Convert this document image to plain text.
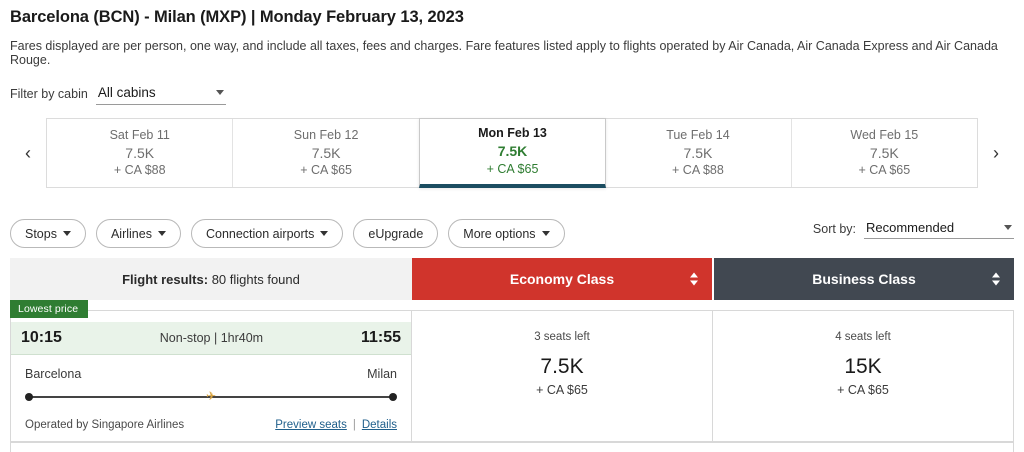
Barcelona (BCN) - Milan (MXP) | Monday February 13, 2023
Fares displayed are per person, one way, and include all taxes, fees and charges. Fare features listed apply to flights operated by Air Canada, Air Canada Express and Air Canada Rouge.
Filter by cabin All cabins
‹
Sat Feb 11
7.5K
+ CA $88
Sun Feb 12
7.5K
+ CA $65
Mon Feb 13
7.5K
+ CA $65
Tue Feb 14
7.5K
+ CA $88
Wed Feb 15
7.5K
+ CA $65
›
Stops	Airlines	Connection airports	eUpgrade	More options	Sort by: Recommended
Flight results:
80 flights found	Economy Class	Business Class
Lowest price
10:15	Non-stop | 1hr40m	11:55
Barcelona	Milan
✈
Operated by Singapore Airlines	Preview seats | Details
3 seats left
7.5K
+ CA $65
4 seats left
15K
+ CA $65
